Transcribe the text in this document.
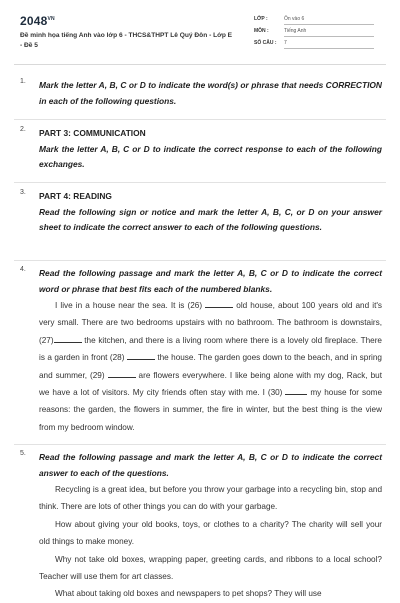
$2048^{VN}$
Đề minh họa tiếng Anh vào lớp 6 - THCS&THPT Lê Quý Đôn - Lớp E - Đề 5
LỚP :	Ôn vào 6
MÔN :	Tiếng Anh
SỐ CÂU : 7
1. Mark the letter A, B, C or D to indicate the word(s) or phrase that needs CORRECTION in each of the following questions.

2. PART 3: COMMUNICATION

Mark the letter A, B, C or D to indicate the correct response to each of the following exchanges.

3. PART 4: READING

Read the following sign or notice and mark the letter A, B, C, or D on your answer sheet to indicate the correct answer to each of the following questions.

4. Read the following passage and mark the letter A, B, C or D to indicate the correct word or phrase that best fits each of the numbered blanks.

I live in a house near the sea. It is (26)	old house, about 100 years old and it's very small. There are two bedrooms upstairs with no bathroom. The bathroom is downstairs, (27)	the kitchen, and there is a living room where there is a lovely old fireplace. There is a garden in front (28)	the house. The garden goes down to the beach, and in spring and summer, (29)	are flowers everywhere. I like being alone with my dog, Rack, but we have a lot of visitors. My city friends often stay with me. I (30)	my house for some reasons: the garden, the flowers in summer, the fire in winter, but the best thing is the view from my bedroom window.

5. Read the following passage and mark the letter A, B, C or D to indicate the correct answer to each of the questions.

Recycling is a great idea, but before you throw your garbage into a recycling bin, stop and think. There are lots of other things you can do with your garbage.

How about giving your old books, toys, or clothes to a charity? The charity will sell your old things to make money.

Why not take old boxes, wrapping paper, greeting cards, and ribbons to a local school? Teacher will use them for art classes.

What about taking old boxes and newspapers to pet shops? They will use
